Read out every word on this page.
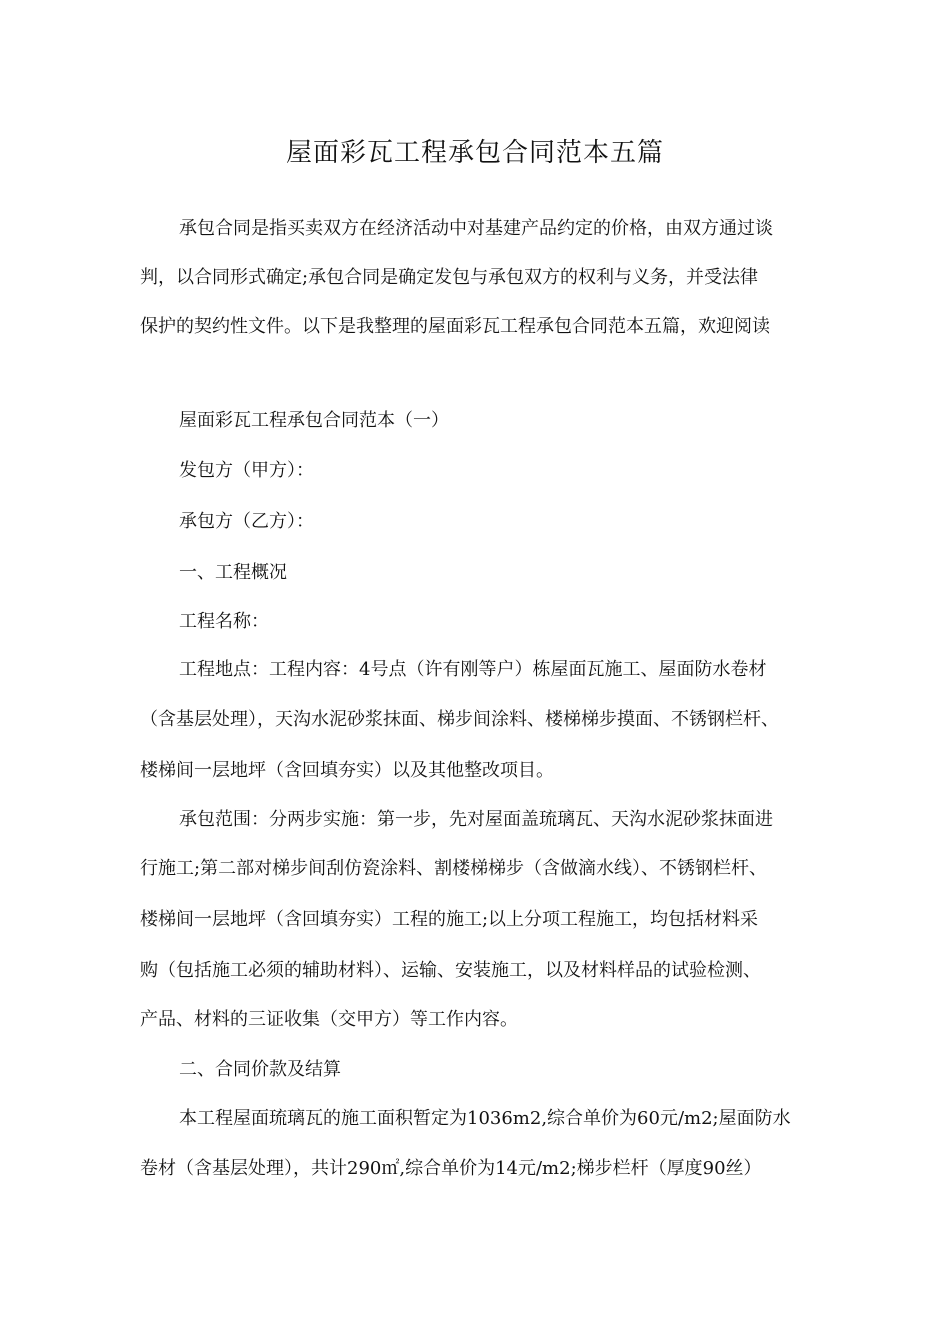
屋面彩瓦工程承包合同范本五篇

承包合同是指买卖双方在经济活动中对基建产品约定的价格，由双方通过谈

判，以合同形式确定;承包合同是确定发包与承包双方的权利与义务，并受法律

保护的契约性文件。以下是我整理的屋面彩瓦工程承包合同范本五篇，欢迎阅读

屋面彩瓦工程承包合同范本（一）

发包方（甲方）：

承包方（乙方）：

一、工程概况

工程名称：

工程地点：工程内容：4号点（许有刚等户）栋屋面瓦施工、屋面防水卷材

（含基层处理），天沟水泥砂浆抹面、梯步间涂料、楼梯梯步摸面、不锈钢栏杆、

楼梯间一层地坪（含回填夯实）以及其他整改项目。

承包范围：分两步实施：第一步，先对屋面盖琉璃瓦、天沟水泥砂浆抹面进

行施工;第二部对梯步间刮仿瓷涂料、割楼梯梯步（含做滴水线）、不锈钢栏杆、

楼梯间一层地坪（含回填夯实）工程的施工;以上分项工程施工，均包括材料采

购（包括施工必须的辅助材料）、运输、安装施工，以及材料样品的试验检测、

产品、材料的三证收集（交甲方）等工作内容。

二、合同价款及结算

本工程屋面琉璃瓦的施工面积暂定为1036m2,综合单价为60元/m2;屋面防水

卷材（含基层处理），共计290㎡,综合单价为14元/m2;梯步栏杆（厚度90丝）
